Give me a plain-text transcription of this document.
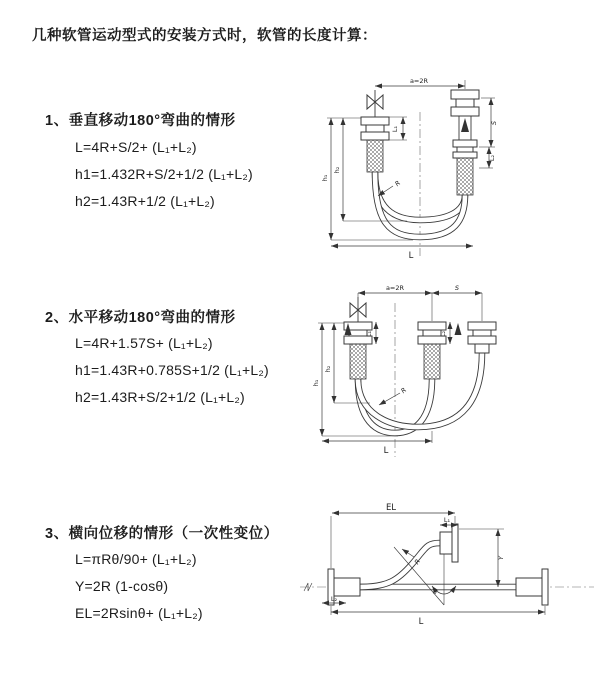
几种软管运动型式的安装方式时，软管的长度计算：
1、垂直移动180°弯曲的情形
L=4R+S/2+ (L₁+L₂)
h1=1.432R+S/2+1/2 (L₁+L₂)
h2=1.43R+1/2 (L₁+L₂)
2、水平移动180°弯曲的情形
L=4R+1.57S+ (L₁+L₂)
h1=1.43R+0.785S+1/2 (L₁+L₂)
h2=1.43R+S/2+1/2 (L₁+L₂)
3、横向位移的情形（一次性变位）
L=πRθ/90+ (L₁+L₂)
Y=2R (1-cosθ)
EL=2Rsinθ+ (L₁+L₂)
a=2R
h₁
h₂
L₁
S
L₂
R
L
a=2R	S
h₁
h₂
L₁	L₂
R
L
θ
EL
L₁
Y
R
L₂
L
